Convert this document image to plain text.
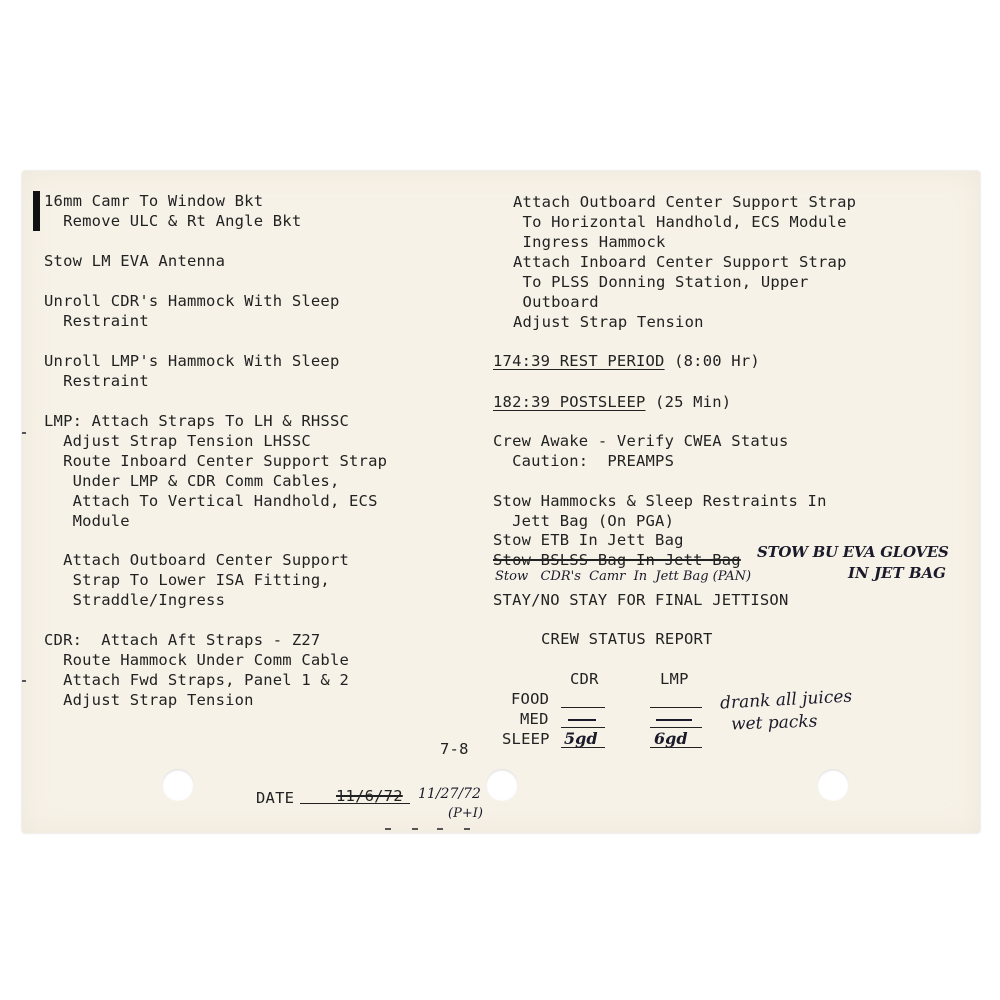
16mm Camr To Window Bkt
Remove ULC & Rt Angle Bkt
Stow LM EVA Antenna
Unroll CDR's Hammock With Sleep
Restraint
Unroll LMP's Hammock With Sleep
Restraint
LMP: Attach Straps To LH & RHSSC
Adjust Strap Tension LHSSC
Route Inboard Center Support Strap
Under LMP & CDR Comm Cables,
Attach To Vertical Handhold, ECS
Module
Attach Outboard Center Support
Strap To Lower ISA Fitting,
Straddle/Ingress
CDR:  Attach Aft Straps - Z27
Route Hammock Under Comm Cable
Attach Fwd Straps, Panel 1 & 2
Adjust Strap Tension
Attach Outboard Center Support Strap
To Horizontal Handhold, ECS Module
Ingress Hammock
Attach Inboard Center Support Strap
To PLSS Donning Station, Upper
Outboard
Adjust Strap Tension
174:39 REST PERIOD (8:00 Hr)
182:39 POSTSLEEP (25 Min)
Crew Awake - Verify CWEA Status
Caution:  PREAMPS
Stow Hammocks & Sleep Restraints In
Jett Bag (On PGA)
Stow ETB In Jett Bag
Stow BSLSS Bag In Jett Bag
STAY/NO STAY FOR FINAL JETTISON
STOW BU EVA GLOVES
IN JET BAG
Stow   CDR's  Camr  In  Jett Bag (PAN)
CREW STATUS REPORT
CDR	LMP
FOOD
MED
SLEEP 5gd	6gd
drank all juices
wet packs
7-8
DATE	11/6/72 11/27/72
(P+I)
